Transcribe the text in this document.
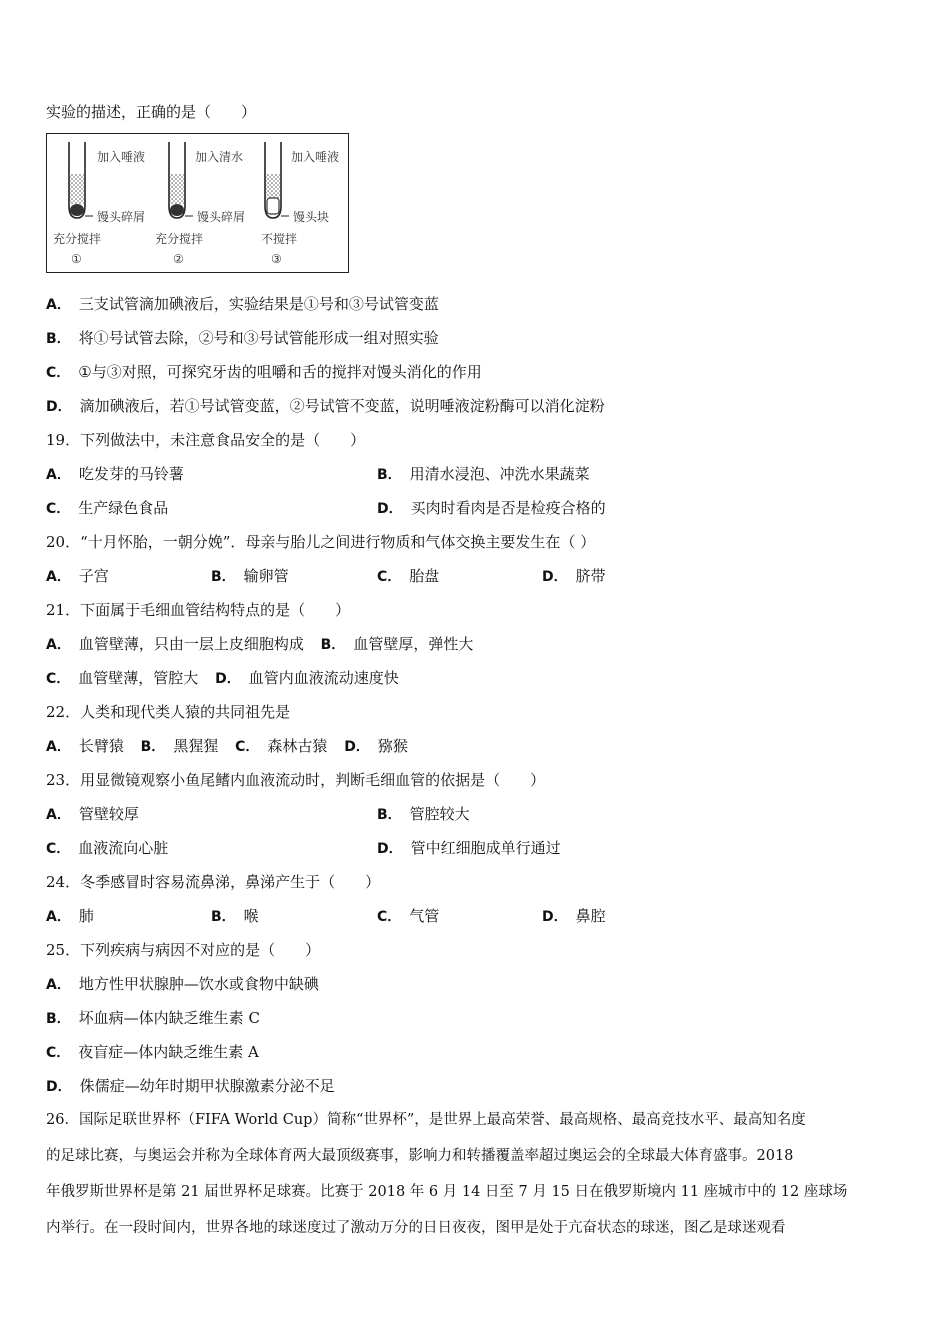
实验的描述，正确的是（　　）
加入唾液
馒头碎屑
充分搅拌
①
加入清水
馒头碎屑
充分搅拌
②
加入唾液
馒头块
不搅拌
③
A． 三支试管滴加碘液后，实验结果是①号和③号试管变蓝
B． 将①号试管去除，②号和③号试管能形成一组对照实验
C． ①与③对照，可探究牙齿的咀嚼和舌的搅拌对馒头消化的作用
D． 滴加碘液后，若①号试管变蓝，②号试管不变蓝，说明唾液淀粉酶可以消化淀粉
19．下列做法中，未注意食品安全的是（　　）
A． 吃发芽的马铃薯	B． 用清水浸泡、冲洗水果蔬菜
C． 生产绿色食品	D． 买肉时看肉是否是检疫合格的
20．“十月怀胎，一朝分娩”．母亲与胎儿之间进行物质和气体交换主要发生在（ ）
A． 子宫	B． 输卵管	C． 胎盘	D． 脐带
21．下面属于毛细血管结构特点的是（　　）
A． 血管壁薄，只由一层上皮细胞构成 B． 血管壁厚，弹性大
C． 血管壁薄，管腔大 D． 血管内血液流动速度快
22．人类和现代类人猿的共同祖先是
A． 长臂猿 B． 黑猩猩 C． 森林古猿 D． 猕猴
23．用显微镜观察小鱼尾鳍内血液流动时，判断毛细血管的依据是（　　）
A． 管壁较厚	B． 管腔较大
C． 血液流向心脏	D． 管中红细胞成单行通过
24．冬季感冒时容易流鼻涕，鼻涕产生于（　　）
A． 肺	B． 喉	C． 气管	D． 鼻腔
25．下列疾病与病因不对应的是（　　）
A． 地方性甲状腺肿—饮水或食物中缺碘
B． 坏血病—体内缺乏维生素 C
C． 夜盲症—体内缺乏维生素 A
D． 侏儒症—幼年时期甲状腺激素分泌不足
26．国际足联世界杯（FIFA World Cup）简称“世界杯”，是世界上最高荣誉、最高规格、最高竞技水平、最高知名度
的足球比赛，与奥运会并称为全球体育两大最顶级赛事，影响力和转播覆盖率超过奥运会的全球最大体育盛事。2018
年俄罗斯世界杯是第 21 届世界杯足球赛。比赛于 2018 年 6 月 14 日至 7 月 15 日在俄罗斯境内 11 座城市中的 12 座球场
内举行。在一段时间内，世界各地的球迷度过了激动万分的日日夜夜，图甲是处于亢奋状态的球迷，图乙是球迷观看
